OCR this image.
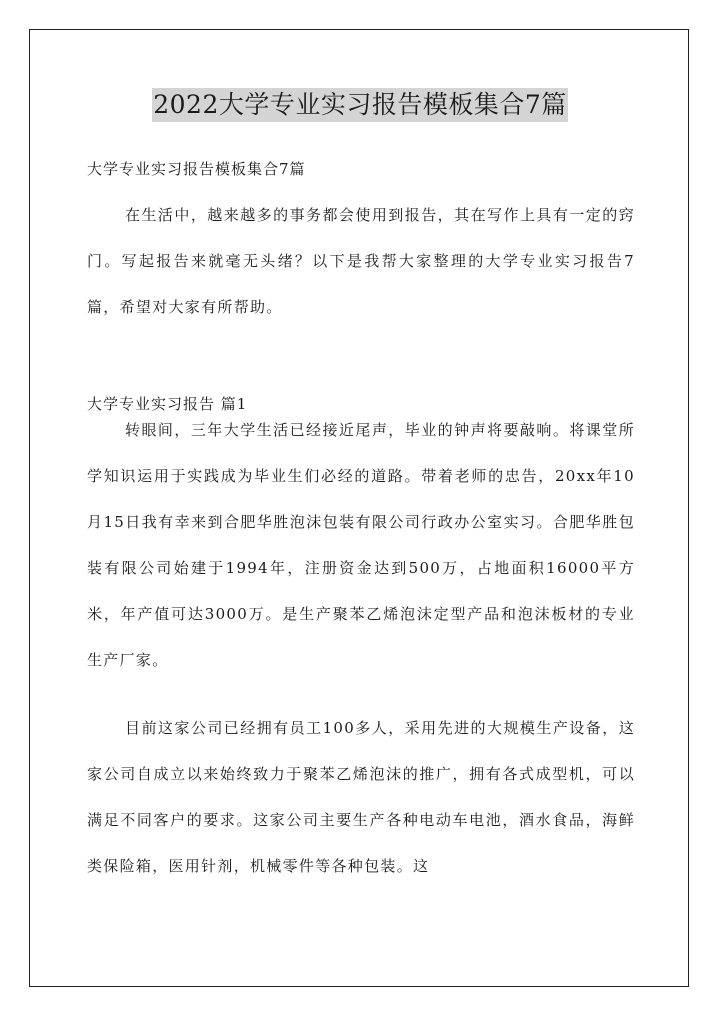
2022大学专业实习报告模板集合7篇
大学专业实习报告模板集合7篇

在生活中，越来越多的事务都会使用到报告，其在写作上具有一定的窍门。写起报告来就毫无头绪？以下是我帮大家整理的大学专业实习报告7篇，希望对大家有所帮助。

大学专业实习报告 篇1

转眼间，三年大学生活已经接近尾声，毕业的钟声将要敲响。将课堂所学知识运用于实践成为毕业生们必经的道路。带着老师的忠告，20xx年10月15日我有幸来到合肥华胜泡沫包装有限公司行政办公室实习。合肥华胜包装有限公司始建于1994年，注册资金达到500万，占地面积16000平方米，年产值可达3000万。是生产聚苯乙烯泡沫定型产品和泡沫板材的专业生产厂家。

目前这家公司已经拥有员工100多人，采用先进的大规模生产设备，这家公司自成立以来始终致力于聚苯乙烯泡沫的推广，拥有各式成型机，可以满足不同客户的要求。这家公司主要生产各种电动车电池，酒水食品，海鲜类保险箱，医用针剂，机械零件等各种包装。这
